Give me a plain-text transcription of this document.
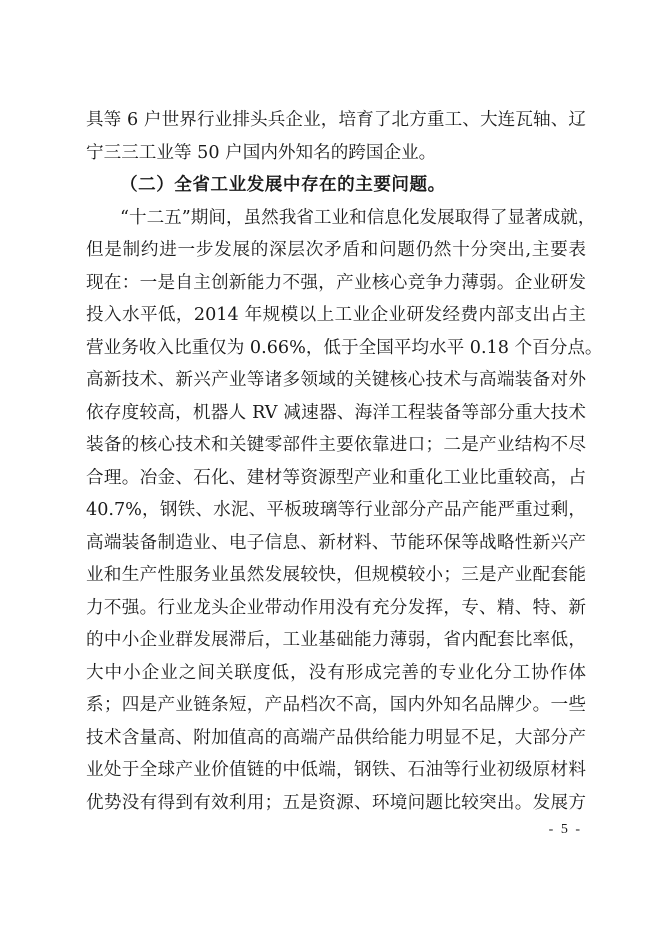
具等 6 户世界行业排头兵企业，培育了北方重工、大连瓦轴、辽
宁三三工业等 50 户国内外知名的跨国企业。
（二）全省工业发展中存在的主要问题。
“十二五”期间，虽然我省工业和信息化发展取得了显著成就，
但是制约进一步发展的深层次矛盾和问题仍然十分突出,主要表
现在：一是自主创新能力不强，产业核心竞争力薄弱。企业研发
投入水平低，2014 年规模以上工业企业研发经费内部支出占主
营业务收入比重仅为 0.66%，低于全国平均水平 0.18 个百分点。
高新技术、新兴产业等诸多领域的关键核心技术与高端装备对外
依存度较高，机器人 RV 减速器、海洋工程装备等部分重大技术
装备的核心技术和关键零部件主要依靠进口；二是产业结构不尽
合理。冶金、石化、建材等资源型产业和重化工业比重较高，占
40.7%，钢铁、水泥、平板玻璃等行业部分产品产能严重过剩，
高端装备制造业、电子信息、新材料、节能环保等战略性新兴产
业和生产性服务业虽然发展较快，但规模较小；三是产业配套能
力不强。行业龙头企业带动作用没有充分发挥，专、精、特、新
的中小企业群发展滞后，工业基础能力薄弱，省内配套比率低，
大中小企业之间关联度低，没有形成完善的专业化分工协作体
系；四是产业链条短，产品档次不高，国内外知名品牌少。一些
技术含量高、附加值高的高端产品供给能力明显不足，大部分产
业处于全球产业价值链的中低端，钢铁、石油等行业初级原材料
优势没有得到有效利用；五是资源、环境问题比较突出。发展方
- 5 -
